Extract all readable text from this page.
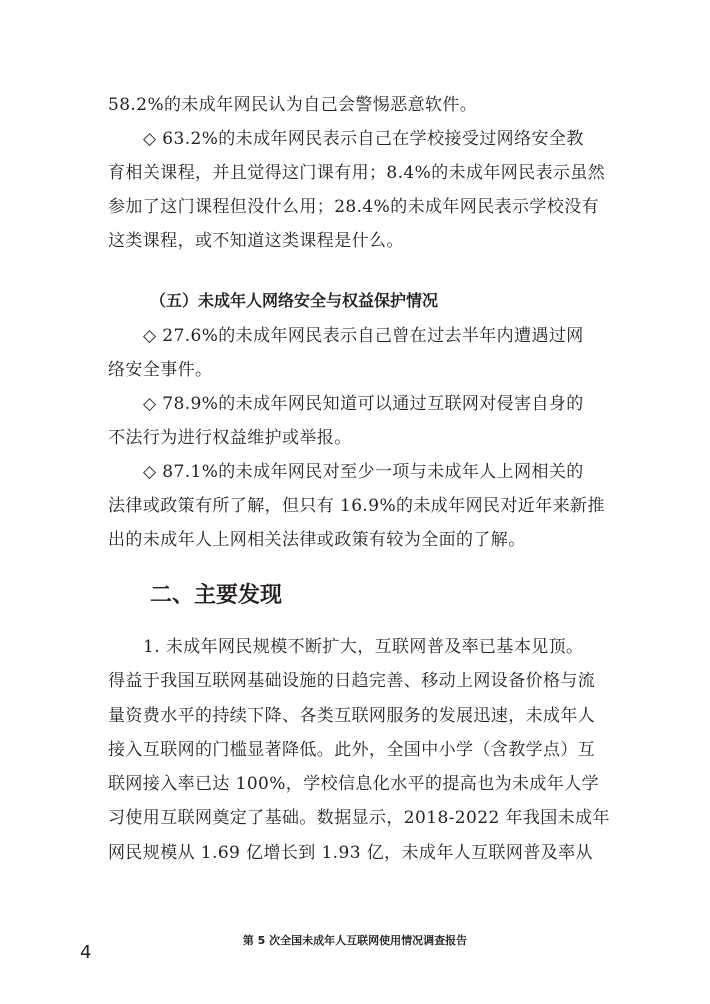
58.2%的未成年网民认为自己会警惕恶意软件。
◇ 63.2%的未成年网民表示自己在学校接受过网络安全教
育相关课程，并且觉得这门课有用；8.4%的未成年网民表示虽然
参加了这门课程但没什么用；28.4%的未成年网民表示学校没有
这类课程，或不知道这类课程是什么。
（五）未成年人网络安全与权益保护情况
◇ 27.6%的未成年网民表示自己曾在过去半年内遭遇过网
络安全事件。
◇ 78.9%的未成年网民知道可以通过互联网对侵害自身的
不法行为进行权益维护或举报。
◇ 87.1%的未成年网民对至少一项与未成年人上网相关的
法律或政策有所了解，但只有 16.9%的未成年网民对近年来新推
出的未成年人上网相关法律或政策有较为全面的了解。
二、主要发现
1. 未成年网民规模不断扩大，互联网普及率已基本见顶。
得益于我国互联网基础设施的日趋完善、移动上网设备价格与流
量资费水平的持续下降、各类互联网服务的发展迅速，未成年人
接入互联网的门槛显著降低。此外，全国中小学（含教学点）互
联网接入率已达 100%，学校信息化水平的提高也为未成年人学
习使用互联网奠定了基础。数据显示，2018-2022 年我国未成年
网民规模从 1.69 亿增长到 1.93 亿，未成年人互联网普及率从
第 5 次全国未成年人互联网使用情况调查报告
4
